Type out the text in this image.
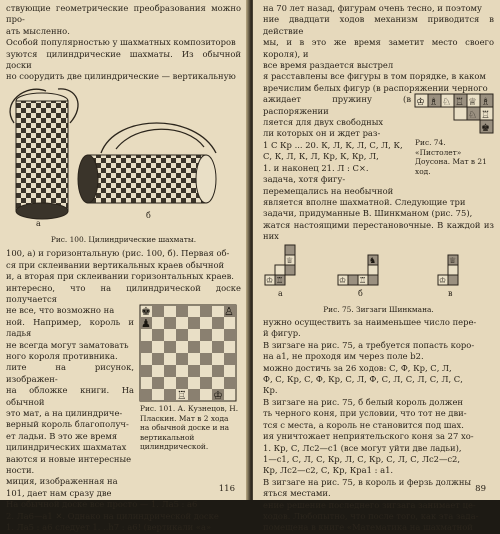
ствующие геометрические преобразования можно про-

ать мысленно.

Особой популярностью у шахматных композиторов

зуются цилиндрические шахматы. Из обычной доски

но соорудить две цилиндрические — вертикальную

а
б

Рис. 100. Цилиндрические шахматы.

100, а) и горизонтальную (рис. 100, б). Первая об-

ся при склеивании вертикальных краев обычной

и, а вторая при склеивании горизонтальных краев.

интересно, что на цилиндрической доске получается

не все, что возможно на

ной. Например, король и ладья

не всегда могут заматовать

ного короля противника.

лите на рисунок, изображен-

на обложке книги. На обычной

это мат, а на цилиндриче-

верный король благополуч-

ет ладьи. В это же время

цилиндрических шахматах

ваются и новые интересные

ности.

миция, изображенная на

101, дает нам сразу две

♚
♟
♙
♔
♖

Рис. 101. А. Кузнецов, Н. Пласкин. Мат в 2 хода на обычной доске и на вертикальной цилиндрической.

На обычной доске все просто — 1. Ла5 : а6

2. Ла6—а1 ✕. Однако на цилиндрической доске

1. Ла5 : а6 следует 1. ..h7 : а6! (вертикали «а»

116

на 70 лет назад, фигурам очень тесно, и поэтому

ние двадцати ходов механизм приводится в действие

мы, и в это же время заметит место своего короля), и

все время раздается выстрел

я расставлены все фигуры в том порядке, в каком

вречислим белых фигур (в распоряжении черного

ажидает пружину (в распоряжении

ляется для двух свободных

ли которых он и ждет раз-

1 С Кр ... 20. К, Л, К, Л, С, Л, К,

С, К, Л, К, Л, Кр, К, Кр, Л,

1. и наконец 21. Л : С×.

задача, хотя фигу-

перемещались на необычной

♔ ♗ ♘ ♖ ♕ ♗
♘ ♖
♚

Рис. 74. «Пистолет» Доусона. Мат в 21 ход.

является вполне шахматной. Следующие три

задачи, придуманные В. Шинкманом (рис. 75),

жатся настоящими перестановочные. В каждой из них

♔ ♖
♕
♔ ♖
♞
♔
♕
а	б	в

Рис. 75. Зигзаги Шинкмана.

нужно осуществить за наименьшее число пере-

й фигур.

В зигзаге на рис. 75, а требуется попасть коро-

на а1, не проходя им через поле b2.

можно достичь за 26 ходов: С, Ф, Кр, С, Л,

Ф, С, Кр, С, Ф, Кр, С, Л, Ф, С, Л, С, Л, С, Л, С,

Кр.

В зигзаге на рис. 75, б белый король должен

ть черного коня, при условии, что тот не дви-

тся с места, а король не становится под шах.

ия уничтожает неприятельского коня за 27 хо-

1. Кр, С, Лс2—c1 (все могут уйти две ладьи),

1—c1, С, Л, С, Кр, Л, С, Кр, С, Л, С, Лс2—c2,

Кр, Лс2—c2, С, Кр, Кра1 : а1.

В зигзаге на рис. 75, в король и ферзь должны

яться местами.

ение решение последнего зигзага занимает це-

ходов. Любопытно, что после того, как эта зада-

помещена в книге «Математика на шахматной

89
